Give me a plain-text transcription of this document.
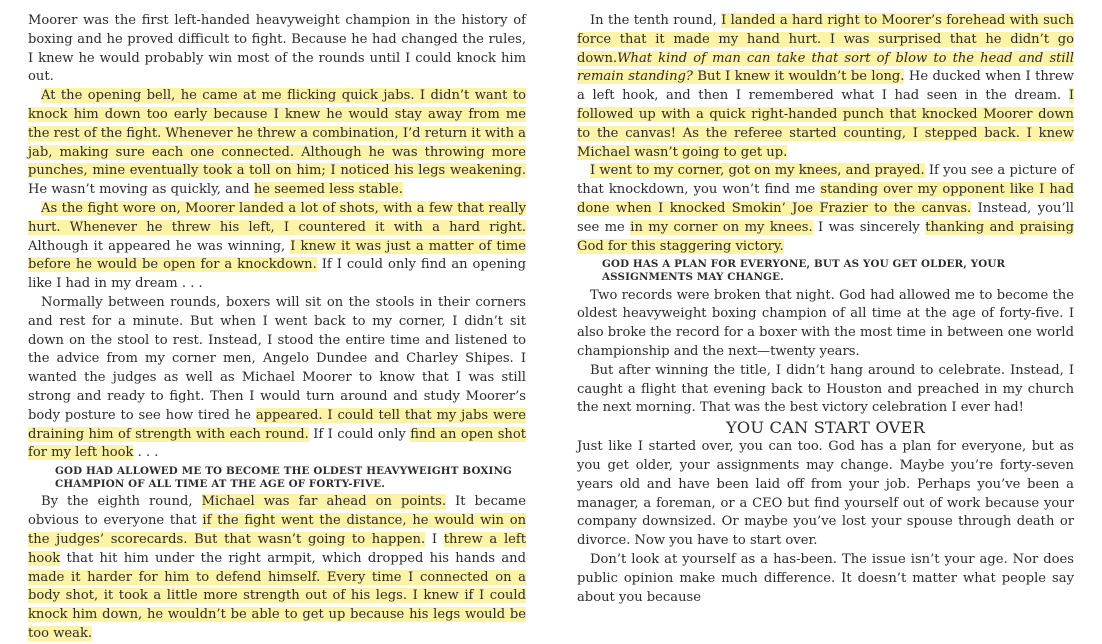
Moorer was the first left-handed heavyweight champion in the history of boxing and he proved difficult to fight. Because he had changed the rules, I knew he would probably win most of the rounds until I could knock him out.

At the opening bell, he came at me flicking quick jabs. I didn’t want to knock him down too early because I knew he would stay away from me the rest of the fight. Whenever he threw a combination, I’d return it with a jab, making sure each one connected. Although he was throwing more punches, mine eventually took a toll on him; I noticed his legs weakening. He wasn’t moving as quickly, and he seemed less stable.

As the fight wore on, Moorer landed a lot of shots, with a few that really hurt. Whenever he threw his left, I countered it with a hard right. Although it appeared he was winning, I knew it was just a matter of time before he would be open for a knockdown. If I could only find an opening like I had in my dream . . .

Normally between rounds, boxers will sit on the stools in their corners and rest for a minute. But when I went back to my corner, I didn’t sit down on the stool to rest. Instead, I stood the entire time and listened to the advice from my corner men, Angelo Dundee and Charley Shipes. I wanted the judges as well as Michael Moorer to know that I was still strong and ready to fight. Then I would turn around and study Moorer’s body posture to see how tired he appeared. I could tell that my jabs were draining him of strength with each round. If I could only find an open shot for my left hook . . .

GOD HAD ALLOWED ME TO BECOME THE OLDEST HEAVYWEIGHT BOXING CHAMPION OF ALL TIME AT THE AGE OF FORTY-FIVE.

By the eighth round, Michael was far ahead on points. It became obvious to everyone that if the fight went the distance, he would win on the judges’ scorecards. But that wasn’t going to happen. I threw a left hook that hit him under the right armpit, which dropped his hands and made it harder for him to defend himself. Every time I connected on a body shot, it took a little more strength out of his legs. I knew if I could knock him down, he wouldn’t be able to get up because his legs would be too weak.

In the tenth round, I landed a hard right to Moorer’s forehead with such force that it made my hand hurt. I was surprised that he didn’t go down.What kind of man can take that sort of blow to the head and still remain standing? But I knew it wouldn’t be long. He ducked when I threw a left hook, and then I remembered what I had seen in the dream. I followed up with a quick right-handed punch that knocked Moorer down to the canvas! As the referee started counting, I stepped back. I knew Michael wasn’t going to get up.

I went to my corner, got on my knees, and prayed. If you see a picture of that knockdown, you won’t find me standing over my opponent like I had done when I knocked Smokin’ Joe Frazier to the canvas. Instead, you’ll see me in my corner on my knees. I was sincerely thanking and praising God for this staggering victory.

GOD HAS A PLAN FOR EVERYONE, BUT AS YOU GET OLDER, YOUR ASSIGNMENTS MAY CHANGE.

Two records were broken that night. God had allowed me to become the oldest heavyweight boxing champion of all time at the age of forty-five. I also broke the record for a boxer with the most time in between one world championship and the next—twenty years.

But after winning the title, I didn’t hang around to celebrate. Instead, I caught a flight that evening back to Houston and preached in my church the next morning. That was the best victory celebration I ever had!

YOU CAN START OVER

Just like I started over, you can too. God has a plan for everyone, but as you get older, your assignments may change. Maybe you’re forty-seven years old and have been laid off from your job. Perhaps you’ve been a manager, a foreman, or a CEO but find yourself out of work because your company downsized. Or maybe you’ve lost your spouse through death or divorce. Now you have to start over.

Don’t look at yourself as a has-been. The issue isn’t your age. Nor does public opinion make much difference. It doesn’t matter what people say about you because
